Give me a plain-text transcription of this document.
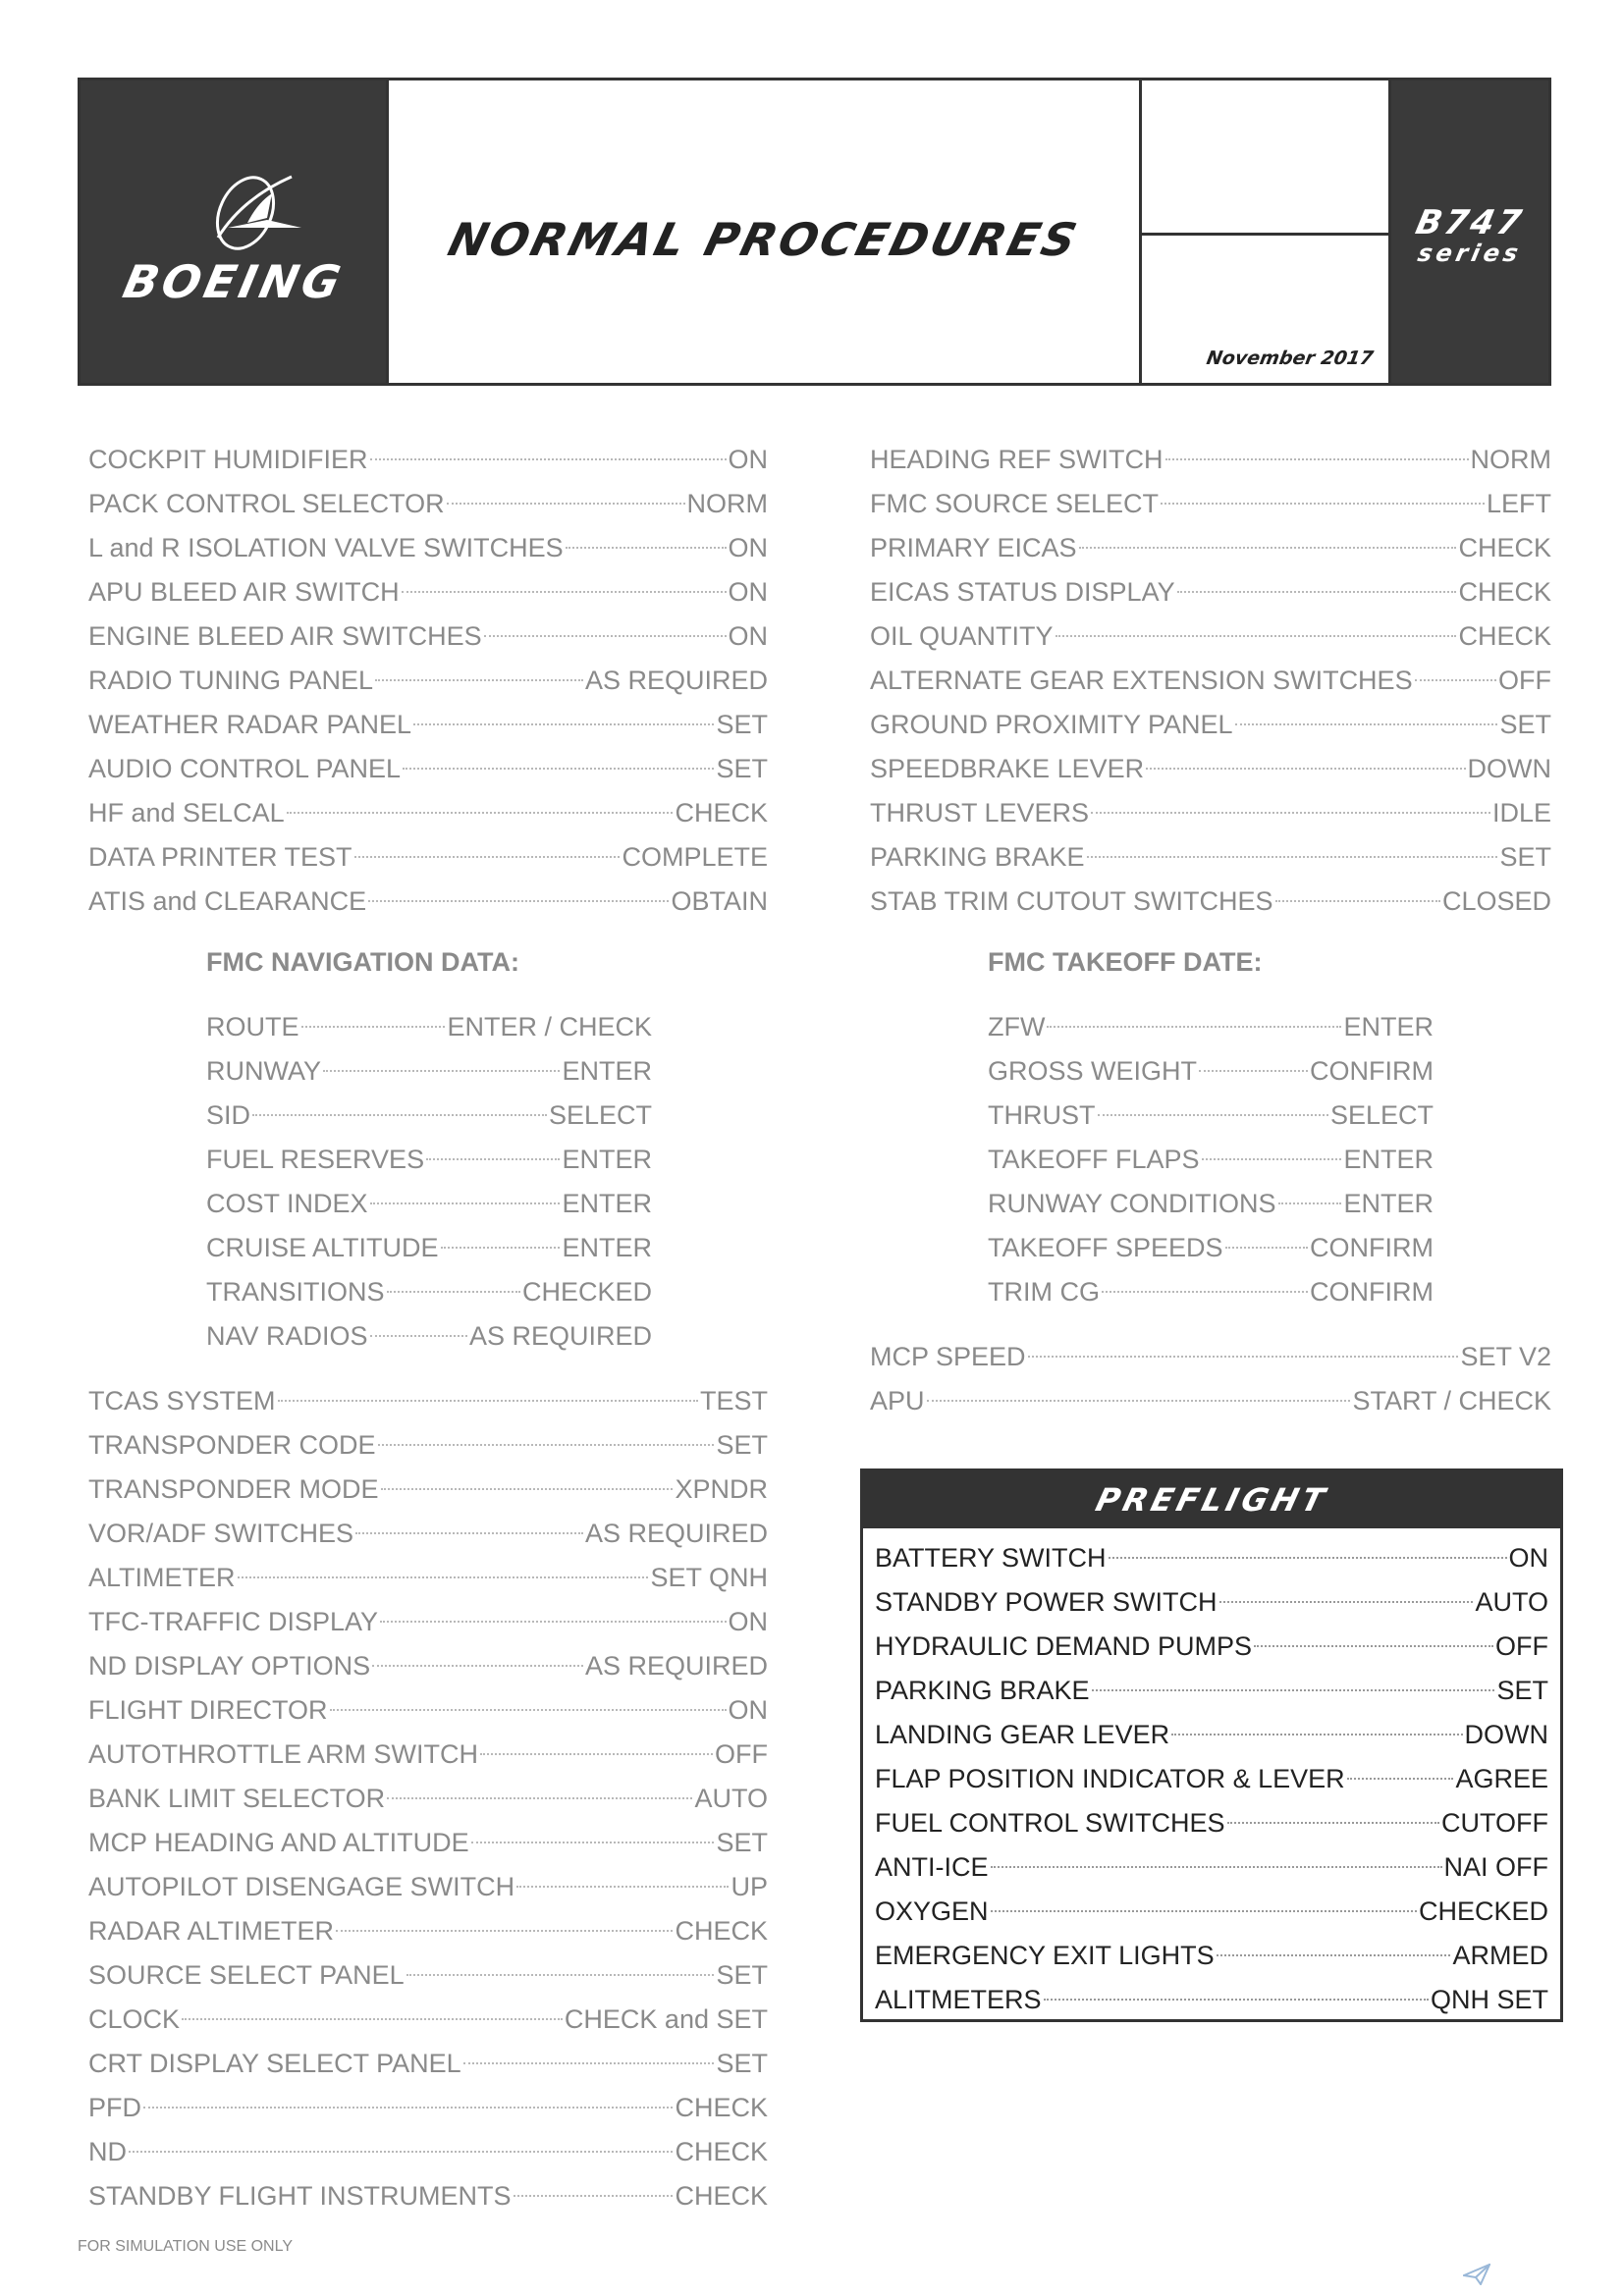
BOEING
NORMAL PROCEDURES
November 2017
B747
series
COCKPIT HUMIDIFIER	ON
PACK CONTROL SELECTOR	NORM
L and R ISOLATION VALVE SWITCHES	ON
APU BLEED AIR SWITCH	ON
ENGINE BLEED AIR SWITCHES	ON
RADIO TUNING PANEL	AS REQUIRED
WEATHER RADAR PANEL	SET
AUDIO CONTROL PANEL	SET
HF and SELCAL	CHECK
DATA PRINTER TEST	COMPLETE
ATIS and CLEARANCE	OBTAIN
FMC NAVIGATION DATA:
ROUTE	ENTER / CHECK
RUNWAY	ENTER
SID	SELECT
FUEL RESERVES	ENTER
COST INDEX	ENTER
CRUISE ALTITUDE	ENTER
TRANSITIONS	CHECKED
NAV RADIOS	AS REQUIRED
TCAS SYSTEM	TEST
TRANSPONDER CODE	SET
TRANSPONDER MODE	XPNDR
VOR/ADF SWITCHES	AS REQUIRED
ALTIMETER	SET QNH
TFC-TRAFFIC DISPLAY	ON
ND DISPLAY OPTIONS	AS REQUIRED
FLIGHT DIRECTOR	ON
AUTOTHROTTLE ARM SWITCH	OFF
BANK LIMIT SELECTOR	AUTO
MCP HEADING AND ALTITUDE	SET
AUTOPILOT DISENGAGE SWITCH	UP
RADAR ALTIMETER	CHECK
SOURCE SELECT PANEL	SET
CLOCK	CHECK and SET
CRT DISPLAY SELECT PANEL	SET
PFD	CHECK
ND	CHECK
STANDBY FLIGHT INSTRUMENTS	CHECK
HEADING REF SWITCH	NORM
FMC SOURCE SELECT	LEFT
PRIMARY EICAS	CHECK
EICAS STATUS DISPLAY	CHECK
OIL QUANTITY	CHECK
ALTERNATE GEAR EXTENSION SWITCHES	OFF
GROUND PROXIMITY PANEL	SET
SPEEDBRAKE LEVER	DOWN
THRUST LEVERS	IDLE
PARKING BRAKE	SET
STAB TRIM CUTOUT SWITCHES	CLOSED
FMC TAKEOFF DATE:
ZFW	ENTER
GROSS WEIGHT	CONFIRM
THRUST	SELECT
TAKEOFF FLAPS	ENTER
RUNWAY CONDITIONS	ENTER
TAKEOFF SPEEDS	CONFIRM
TRIM CG	CONFIRM
MCP SPEED	SET V2
APU	START / CHECK
PREFLIGHT
BATTERY SWITCH	ON
STANDBY POWER SWITCH	AUTO
HYDRAULIC DEMAND PUMPS	OFF
PARKING BRAKE	SET
LANDING GEAR LEVER	DOWN
FLAP POSITION INDICATOR & LEVER	AGREE
FUEL CONTROL SWITCHES	CUTOFF
ANTI-ICE	NAI OFF
OXYGEN	CHECKED
EMERGENCY EXIT LIGHTS	ARMED
ALITMETERS	QNH SET
FOR SIMULATION USE ONLY
